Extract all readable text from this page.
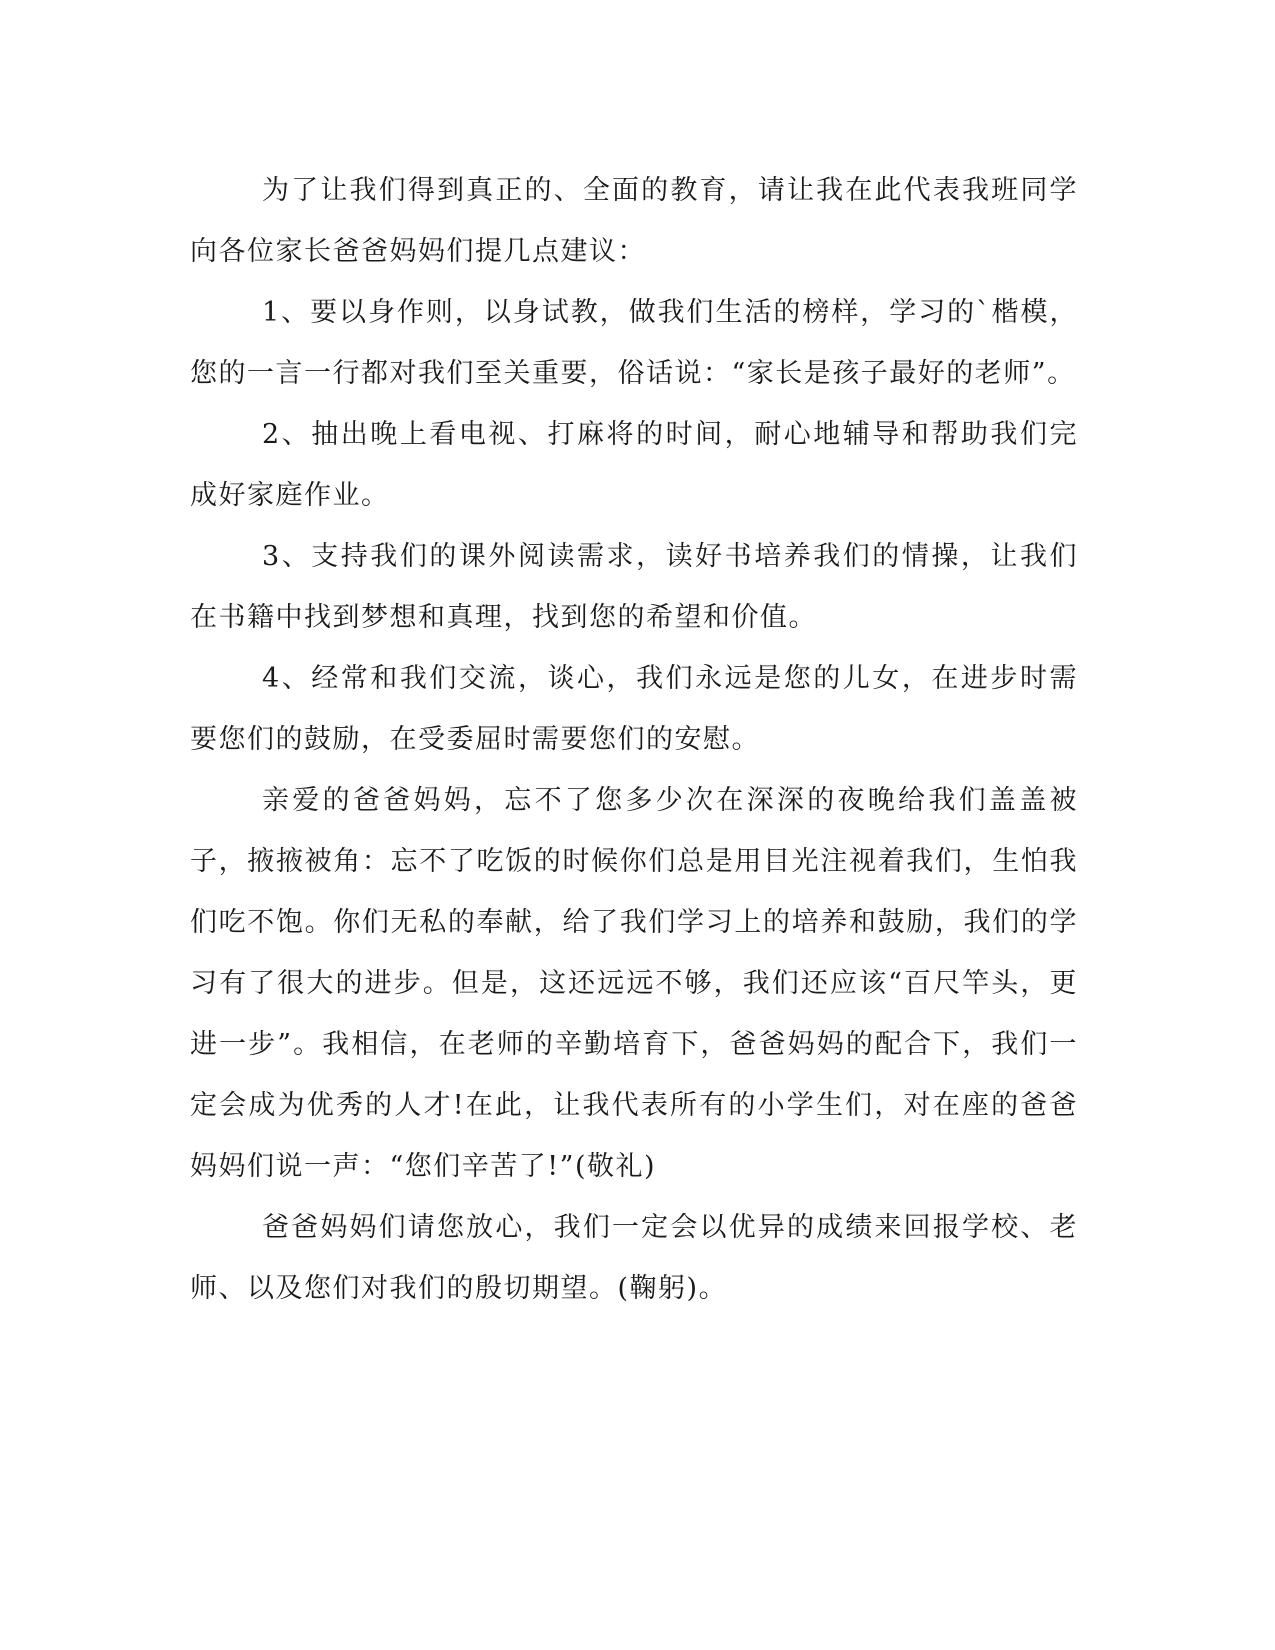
为了让我们得到真正的、全面的教育，请让我在此代表我班同学向各位家长爸爸妈妈们提几点建议：

1、要以身作则，以身试教，做我们生活的榜样，学习的`楷模，您的一言一行都对我们至关重要，俗话说：“家长是孩子最好的老师”。

2、抽出晚上看电视、打麻将的时间，耐心地辅导和帮助我们完成好家庭作业。

3、支持我们的课外阅读需求，读好书培养我们的情操，让我们在书籍中找到梦想和真理，找到您的希望和价值。

4、经常和我们交流，谈心，我们永远是您的儿女，在进步时需要您们的鼓励，在受委屈时需要您们的安慰。

亲爱的爸爸妈妈，忘不了您多少次在深深的夜晚给我们盖盖被子，掖掖被角：忘不了吃饭的时候你们总是用目光注视着我们，生怕我们吃不饱。你们无私的奉献，给了我们学习上的培养和鼓励，我们的学习有了很大的进步。但是，这还远远不够，我们还应该“百尺竿头，更进一步”。我相信，在老师的辛勤培育下，爸爸妈妈的配合下，我们一定会成为优秀的人才!在此，让我代表所有的小学生们，对在座的爸爸妈妈们说一声：“您们辛苦了!”(敬礼)

爸爸妈妈们请您放心，我们一定会以优异的成绩来回报学校、老师、以及您们对我们的殷切期望。(鞠躬)。
